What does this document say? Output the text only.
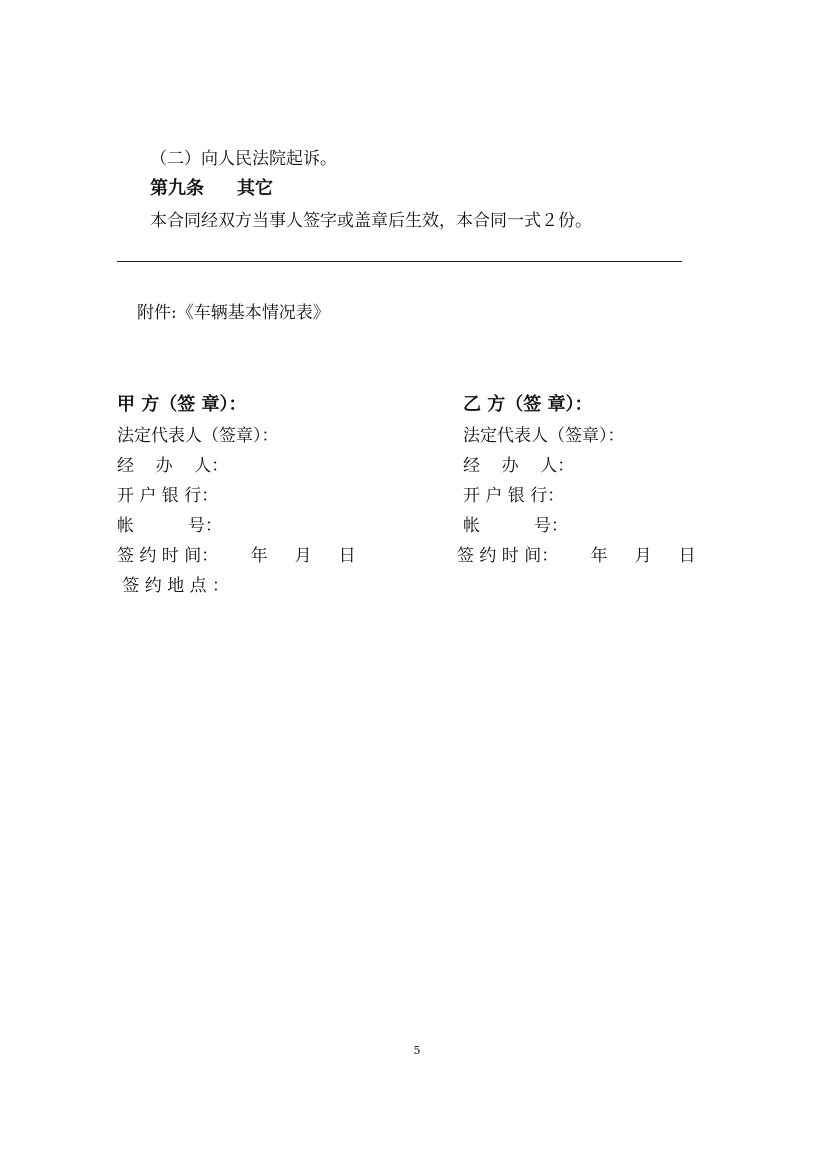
（二）向人民法院起诉。

第九条 其它

本合同经双方当事人签字或盖章后生效，本合同一式２份。

附件:《车辆基本情况表》

甲 方（签 章）：

法定代表人（签章）：

经    办    人：

开 户 银 行：

帐          号：

签 约 时 间：      年     月     日

签 约 地 点 ：

乙 方（签 章）：

法定代表人（签章）：

经    办    人：

开 户 银 行：

帐          号：

签 约 时 间：      年     月     日

5
